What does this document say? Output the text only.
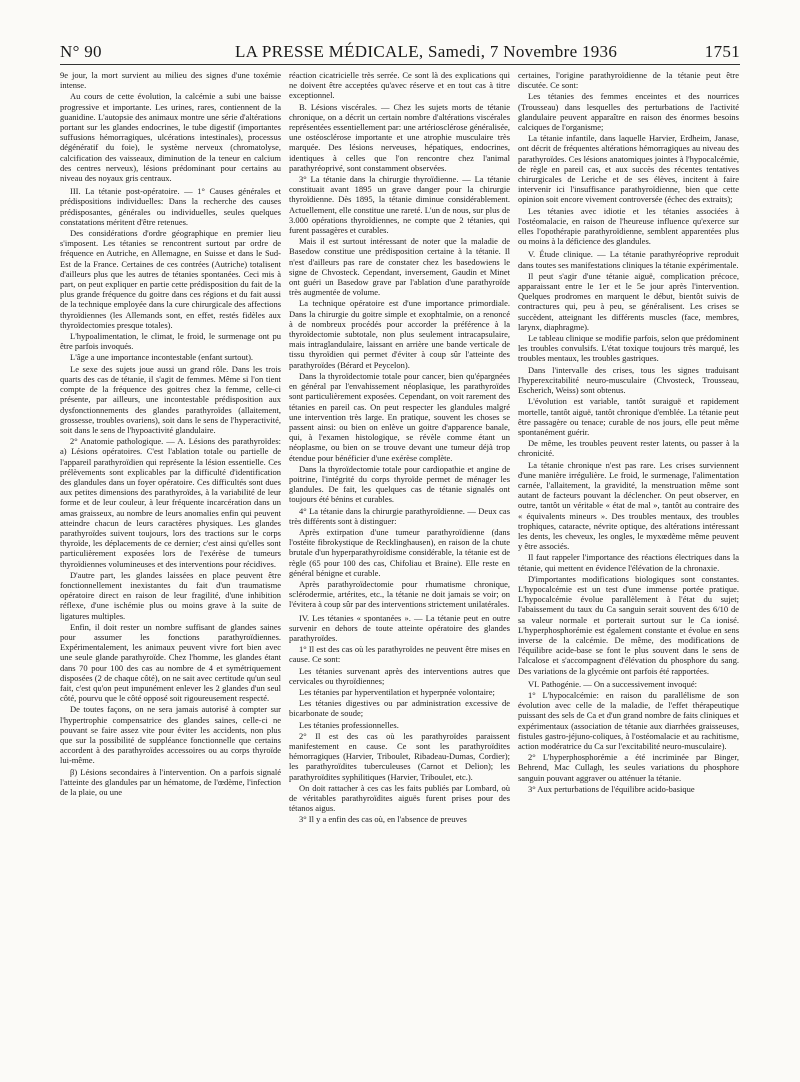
N° 90	LA PRESSE MÉDICALE, Samedi, 7 Novembre 1936	1751

9e jour, la mort survient au milieu des signes d'une toxémie intense.

Au cours de cette évolution, la calcémie a subi une baisse progressive et importante. Les urines, rares, contiennent de la guanidine. L'autopsie des animaux montre une série d'altérations portant sur les glandes endocrines, le tube digestif (importantes suffusions hémorragiques, ulcérations intestinales), processus dégénératif du foie), le système nerveux (chromatolyse, calcification des vaisseaux, diminution de la teneur en calcium des centres nerveux), lésions prédominant pour certains au niveau des noyaux gris centraux.

III. La tétanie post-opératoire. — 1° Causes générales et prédispositions individuelles: Dans la recherche des causes prédisposantes, générales ou individuelles, seules quelques constatations méritent d'être retenues.

Des considérations d'ordre géographique en premier lieu s'imposent. Les tétanies se rencontrent surtout par ordre de fréquence en Autriche, en Allemagne, en Suisse et dans le Sud-Est de la France. Certaines de ces contrées (Autriche) totalisent d'ailleurs plus que les autres de tétanies spontanées. Ceci mis à part, on peut expliquer en partie cette prédisposition du fait de la plus grande fréquence du goitre dans ces régions et du fait aussi de la technique employée dans la cure chirurgicale des affections thyroïdiennes (les Allemands sont, en effet, restés fidèles aux thyroïdectomies presque totales).

L'hypoalimentation, le climat, le froid, le surmenage ont pu être parfois invoqués.

L'âge a une importance incontestable (enfant surtout).

Le sexe des sujets joue aussi un grand rôle. Dans les trois quarts des cas de tétanie, il s'agit de femmes. Même si l'on tient compte de la fréquence des goitres chez la femme, celle-ci présente, par ailleurs, une incontestable prédisposition aux dysfonctionnements des glandes parathyroïdes (allaitement, grossesse, troubles ovariens), soit dans le sens de l'hyperactivité, soit dans le sens de l'hypoactivité glandulaire.

2° Anatomie pathologique. — A. Lésions des parathyroïdes: a) Lésions opératoires. C'est l'ablation totale ou partielle de l'appareil parathyroïdien qui représente la lésion essentielle. Ces prélèvements sont explicables par la difficulté d'identification des glandules dans un foyer opératoire. Ces difficultés sont dues aux petites dimensions des parathyroïdes, à la variabilité de leur forme et de leur couleur, à leur fréquente incarcération dans un amas graisseux, au nombre de leurs anomalies enfin qui peuvent atteindre chacun de leurs caractères physiques. Les glandes parathyroïdes suivent toujours, lors des tractions sur le corps thyroïde, les déplacements de ce dernier; c'est ainsi qu'elles sont particulièrement exposées lors de l'exérèse de tumeurs thyroïdiennes volumineuses et des interventions pour récidives.

D'autre part, les glandes laissées en place peuvent être fonctionnellement inexistantes du fait d'un traumatisme opératoire direct en raison de leur fragilité, d'une inhibition réflexe, d'une ischémie plus ou moins grave à la suite de ligatures multiples.

Enfin, il doit rester un nombre suffisant de glandes saines pour assumer les fonctions parathyroïdiennes. Expérimentalement, les animaux peuvent vivre fort bien avec une seule glande parathyroïde. Chez l'homme, les glandes étant dans 70 pour 100 des cas au nombre de 4 et symétriquement disposées (2 de chaque côté), on ne sait avec certitude qu'un seul fait, c'est qu'on peut impunément enlever les 2 glandes d'un seul côté, pourvu que le côté opposé soit rigoureusement respecté.

De toutes façons, on ne sera jamais autorisé à compter sur l'hypertrophie compensatrice des glandes saines, celle-ci ne pouvant se faire assez vite pour éviter les accidents, non plus que sur la possibilité de suppléance fonctionnelle que certains accordent à des parathyroïdes accessoires ou au corps thyroïde lui-même.

β) Lésions secondaires à l'intervention. On a parfois signalé l'atteinte des glandules par un hématome, de l'œdème, l'infection de la plaie, ou une

réaction cicatricielle très serrée. Ce sont là des explications qui ne doivent être acceptées qu'avec réserve et en tout cas à titre exceptionnel.

B. Lésions viscérales. — Chez les sujets morts de tétanie chronique, on a décrit un certain nombre d'altérations viscérales représentées essentiellement par: une artériosclérose généralisée, une ostéosclérose importante et une atrophie musculaire très marquée. Des lésions nerveuses, hépatiques, endocrines, identiques à celles que l'on rencontre chez l'animal parathyréoprivé, sont constamment observées.

3° La tétanie dans la chirurgie thyroïdienne. — La tétanie constituait avant 1895 un grave danger pour la chirurgie thyroïdienne. Dès 1895, la tétanie diminue considérablement. Actuellement, elle constitue une rareté. L'un de nous, sur plus de 3.000 opérations thyroïdiennes, ne compte que 2 tétanies, qui furent passagères et curables.

Mais il est surtout intéressant de noter que la maladie de Basedow constitue une prédisposition certaine à la tétanie. Il n'est d'ailleurs pas rare de constater chez les basedowiens le signe de Chvosteck. Cependant, inversement, Gaudin et Minet ont guéri un Basedow grave par l'ablation d'une parathyroïde très augmentée de volume.

La technique opératoire est d'une importance primordiale. Dans la chirurgie du goitre simple et exophtalmie, on a renoncé à de nombreux procédés pour accorder la préférence à la thyroïdectomie subtotale, non plus seulement intracapsulaire, mais intraglandulaire, laissant en arrière une bande verticale de tissu thyroïdien qui permet d'éviter à coup sûr l'atteinte des parathyroïdes (Bérard et Peycelon).

Dans la thyroïdectomie totale pour cancer, bien qu'épargnées en général par l'envahissement néoplasique, les parathyroïdes sont particulièrement exposées. Cependant, on voit rarement des tétanies en pareil cas. On peut respecter les glandules malgré une intervention très large. En pratique, souvent les choses se passent ainsi: ou bien on enlève un goitre d'apparence banale, qui, à l'examen histologique, se révèle comme étant un néoplasme, ou bien on se trouve devant une tumeur déjà trop étendue pour bénéficier d'une exérèse complète.

Dans la thyroïdectomie totale pour cardiopathie et angine de poitrine, l'intégrité du corps thyroïde permet de ménager les glandules. De fait, les quelques cas de tétanie signalés ont toujours été bénins et curables.

4° La tétanie dans la chirurgie parathyroïdienne. — Deux cas très différents sont à distinguer:

Après extirpation d'une tumeur parathyroïdienne (dans l'ostéite fibrokystique de Recklinghausen), en raison de la chute brutale d'un hyperparathyroïdisme considérable, la tétanie est de règle (65 pour 100 des cas, Chifoliau et Braine). Elle reste en général bénigne et curable.

Après parathyroïdectomie pour rhumatisme chronique, sclérodermie, artérites, etc., la tétanie ne doit jamais se voir; on l'évitera à coup sûr par des interventions strictement unilatérales.

IV. Les tétanies « spontanées ». — La tétanie peut en outre survenir en dehors de toute atteinte opératoire des glandes parathyroïdes.

1° Il est des cas où les parathyroïdes ne peuvent être mises en cause. Ce sont:

Les tétanies survenant après des interventions autres que cervicales ou thyroïdiennes;

Les tétanies par hyperventilation et hyperpnée volontaire;

Les tétanies digestives ou par administration excessive de bicarbonate de soude;

Les tétanies professionnelles.

2° Il est des cas où les parathyroïdes paraissent manifestement en cause. Ce sont les parathyroïdites hémorragiques (Harvier, Triboulet, Ribadeau-Dumas, Cordier); les parathyroïdites tuberculeuses (Carnot et Delion); les parathyroïdites syphilitiques (Harvier, Triboulet, etc.).

On doit rattacher à ces cas les faits publiés par Lombard, où de véritables parathyroïdites aiguës furent prises pour des tétanos aigus.

3° Il y a enfin des cas où, en l'absence de preuves

certaines, l'origine parathyroïdienne de la tétanie peut être discutée. Ce sont:

Les tétanies des femmes enceintes et des nourrices (Trousseau) dans lesquelles des perturbations de l'activité glandulaire peuvent apparaître en raison des énormes besoins calciques de l'organisme;

La tétanie infantile, dans laquelle Harvier, Erdheim, Janase, ont décrit de fréquentes altérations hémorragiques au niveau des parathyroïdes. Ces lésions anatomiques jointes à l'hypocalcémie, de règle en pareil cas, et aux succès des récentes tentatives chirurgicales de Leriche et de ses élèves, incitent à faire intervenir ici l'insuffisance parathyroïdienne, bien que cette opinion soit encore vivement controversée (échec des extraits);

Les tétanies avec idiotie et les tétanies associées à l'ostéomalacie, en raison de l'heureuse influence qu'exerce sur elles l'opothérapie parathyroïdienne, semblent apparentées plus ou moins à la déficience des glandules.

V. Étude clinique. — La tétanie parathyréoprive reproduit dans toutes ses manifestations cliniques la tétanie expérimentale.

Il peut s'agir d'une tétanie aiguë, complication précoce, apparaissant entre le 1er et le 5e jour après l'intervention. Quelques prodromes en marquent le début, bientôt suivis de contractures qui, peu à peu, se généralisent. Les crises se succèdent, atteignant les différents muscles (face, membres, larynx, diaphragme).

Le tableau clinique se modifie parfois, selon que prédominent les troubles convulsifs. L'état toxique toujours très marqué, les troubles mentaux, les troubles gastriques.

Dans l'intervalle des crises, tous les signes traduisant l'hyperexcitabilité neuro-musculaire (Chvosteck, Trousseau, Escherich, Weiss) sont obtenus.

L'évolution est variable, tantôt suraiguë et rapidement mortelle, tantôt aiguë, tantôt chronique d'emblée. La tétanie peut être passagère ou tenace; curable de nos jours, elle peut même spontanément guérir.

De même, les troubles peuvent rester latents, ou passer à la chronicité.

La tétanie chronique n'est pas rare. Les crises surviennent d'une manière irrégulière. Le froid, le surmenage, l'alimentation carnée, l'allaitement, la gravidité, la menstruation même sont autant de facteurs pouvant la déclencher. On peut observer, en outre, tantôt un véritable « état de mal », tantôt au contraire des « équivalents mineurs ». Des troubles mentaux, des troubles trophiques, cataracte, névrite optique, des altérations intéressant les dents, les cheveux, les ongles, le myxœdème même peuvent y être associés.

Il faut rappeler l'importance des réactions électriques dans la tétanie, qui mettent en évidence l'élévation de la chronaxie.

D'importantes modifications biologiques sont constantes. L'hypocalcémie est un test d'une immense portée pratique. L'hypocalcémie évolue parallèlement à l'état du sujet; l'abaissement du taux du Ca sanguin serait souvent des 6/10 de sa valeur normale et porterait surtout sur le Ca ionisé. L'hyperphosphorémie est également constante et évolue en sens inverse de la calcémie. De même, des modifications de l'équilibre acide-base se font le plus souvent dans le sens de l'alcalose et s'accompagnent d'élévation du phosphore du sang. Des variations de la glycémie ont parfois été rapportées.

VI. Pathogénie. — On a successivement invoqué:

1° L'hypocalcémie: en raison du parallélisme de son évolution avec celle de la maladie, de l'effet thérapeutique puissant des sels de Ca et d'un grand nombre de faits cliniques et expérimentaux (association de tétanie aux diarrhées graisseuses, fistules gastro-jéjuno-coliques, à l'ostéomalacie et au rachitisme, action modératrice du Ca sur l'excitabilité neuro-musculaire).

2° L'hyperphosphorémie a été incriminée par Binger, Behrend, Mac Cullagh, les seules variations du phosphore sanguin pouvant aggraver ou atténuer la tétanie.

3° Aux perturbations de l'équilibre acido-basique
